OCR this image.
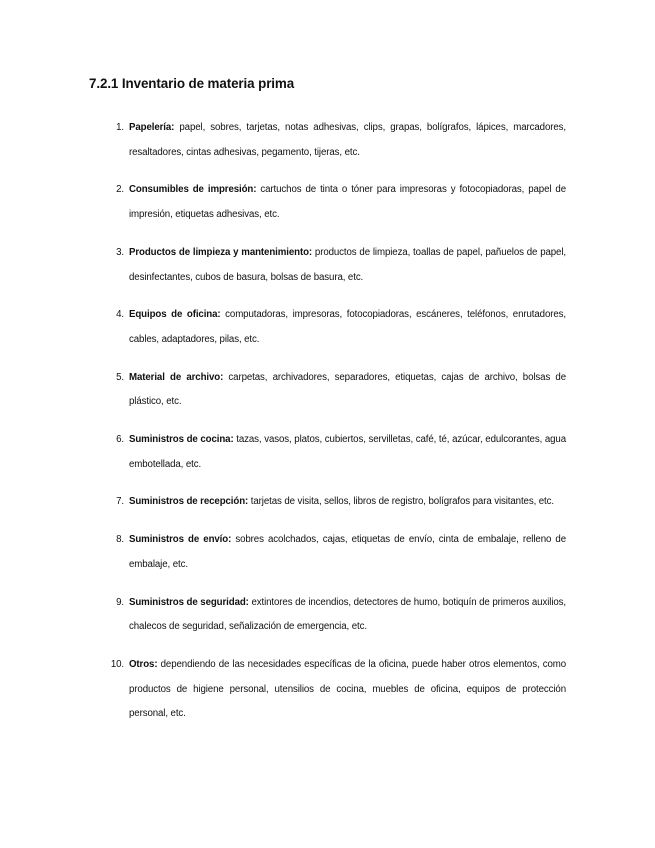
7.2.1 Inventario de materia prima
1. Papelería: papel, sobres, tarjetas, notas adhesivas, clips, grapas, bolígrafos, lápices, marcadores, resaltadores, cintas adhesivas, pegamento, tijeras, etc.
2. Consumibles de impresión: cartuchos de tinta o tóner para impresoras y fotocopiadoras, papel de impresión, etiquetas adhesivas, etc.
3. Productos de limpieza y mantenimiento: productos de limpieza, toallas de papel, pañuelos de papel, desinfectantes, cubos de basura, bolsas de basura, etc.
4. Equipos de oficina: computadoras, impresoras, fotocopiadoras, escáneres, teléfonos, enrutadores, cables, adaptadores, pilas, etc.
5. Material de archivo: carpetas, archivadores, separadores, etiquetas, cajas de archivo, bolsas de plástico, etc.
6. Suministros de cocina: tazas, vasos, platos, cubiertos, servilletas, café, té, azúcar, edulcorantes, agua embotellada, etc.
7. Suministros de recepción: tarjetas de visita, sellos, libros de registro, bolígrafos para visitantes, etc.
8. Suministros de envío: sobres acolchados, cajas, etiquetas de envío, cinta de embalaje, relleno de embalaje, etc.
9. Suministros de seguridad: extintores de incendios, detectores de humo, botiquín de primeros auxilios, chalecos de seguridad, señalización de emergencia, etc.
10. Otros: dependiendo de las necesidades específicas de la oficina, puede haber otros elementos, como productos de higiene personal, utensilios de cocina, muebles de oficina, equipos de protección personal, etc.
